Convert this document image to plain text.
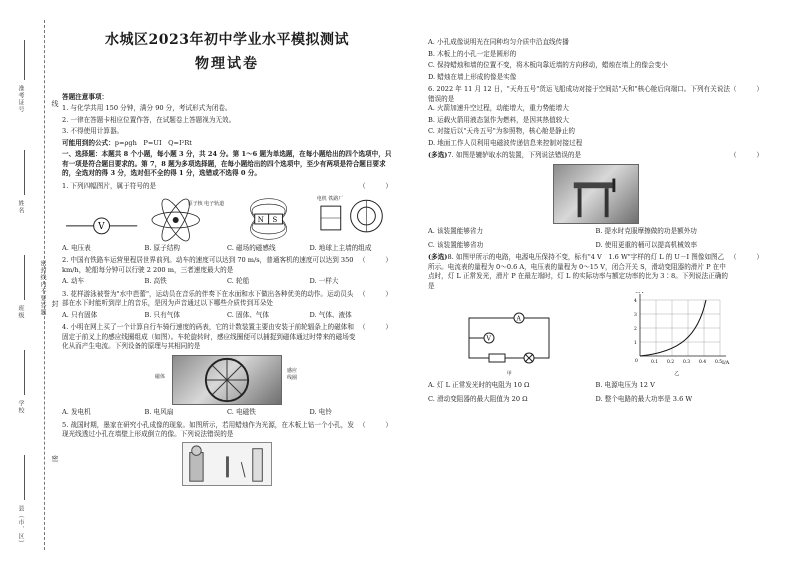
准考证号
姓名
密封线内不要答题
班级
学校
县（市、区）
线
封
密
水城区2023年初中学业水平模拟测试
物理试卷
答题注意事项：
1. 与化学共用 150 分钟，满分 90 分，考试形式为闭卷。
2. 一律在答题卡相应位置作答，在试题卷上答题视为无效。
3. 不得使用计算器。
可能用到的公式：p=ρgh　P=UI　Q=I²Rt
一、选择题：本题共 8 个小题，每小题 3 分，共 24 分。第 1～6 题为单选题，在每小题给出的四个选项中，只有一项是符合题目要求的。第 7，8 题为多项选择题，在每小题给出的四个选项中，至少有两项是符合题目要求的，全选对的得 3 分，选对但不全的得 1 分，选错或不选得 0 分。
1. 下列四幅图片，属于符号的是	（　　　）
V
原子核 电子轨道
N S
电机 铁路厂
A. 电压表	B. 原子结构	C. 磁场的磁感线	D. 地球上主墙的组成
2. 中国有铁路车运营里程居世界前列。动车的速度可以达到 70 m/s，普通客机的速度可以达到 350 km/h，轮船每分钟可以行驶 2 200 m，三者速度最大的是
（　　　）
A. 动车	B. 高铁	C. 轮船	D. 一样大
3. 花样游泳被誉为"水中芭蕾"，运动员在音乐的伴奏下在水面和水下做出各种优美的动作。运动员头部在水下时能听到岸上的音乐，是因为声音通过以下哪些介质传到耳朵处
（　　　）
A. 只有固体	B. 只有气体	C. 固体、气体	D. 气体、液体
4. 小明在网上买了一个计算自行车骑行速度的码表，它的计数装置主要由安装于前轮辐条上的磁体和固定于前叉上的感应线圈组成（如图）。车轮旋转时，感应线圈便可以捕捉到磁体通过时带来的磁场变化从而产生电流。下列设备的原理与其相同的是
（　　　）
磁体
感应线圈
A. 发电机	B. 电风扇	C. 电磁铁	D. 电铃
5. 战国时期，墨家在研究小孔成像的现象。如图所示，若用蜡烛作为光源，在木板上钻一个小孔，发现光线透过小孔在墙壁上形成倒立的像。下列说法错误的是
（　　　）
A. 小孔成像说明光在同种均匀介质中沿直线传播
B. 木板上的小孔一定是圆形的
C. 保持蜡烛和墙的位置不变，将木板向靠近墙的方向移动，蜡烛在墙上的像会变小
D. 蜡烛在墙上形成的像是实像
6. 2022 年 11 月 12 日，"天舟五号"货运飞船成功对接于空间站"天和"核心舱后向端口。下列有关说法错误的是
（　　　）
A. 火箭加速升空过程，动能增大，重力势能增大
B. 运载火箭用液态氢作为燃料，是因其热值较大
C. 对接后以"天舟五号"为参照物，核心舱是静止的
D. 地面工作人员利用电磁波传递信息来控制对接过程
(多选)7. 如图是辘轳取水的装置，下列说法错误的是	（　　　）
A. 该装置能够省力	B. 提水时克服摩擦做的功是额外功
C. 该装置能够省功	D. 使用更重的桶可以提高机械效率
(多选)8. 如图甲所示的电路，电源电压保持不变，标有"4 V　1.6 W"字样的灯 L 的 U－I 图像如图乙所示。电流表的量程为 0～0.6 A，电压表的量程为 0～15 V，闭合开关 S，滑动变阻器的滑片 P 在中点时，灯 L 正常发光，滑片 P 在最左端时，灯 L 的实际功率与额定功率的比为 3∶8。下列说法正确的是
（　　　）
V
A
甲
0.1 0.2 0.3 0.4 0.5
1
2
3
4
U/V
I/A
0
乙
A. 灯 L 正常发光时的电阻为 10 Ω	B. 电源电压为 12 V
C. 滑动变阻器的最大阻值为 20 Ω	D. 整个电路的最大功率是 3.6 W
